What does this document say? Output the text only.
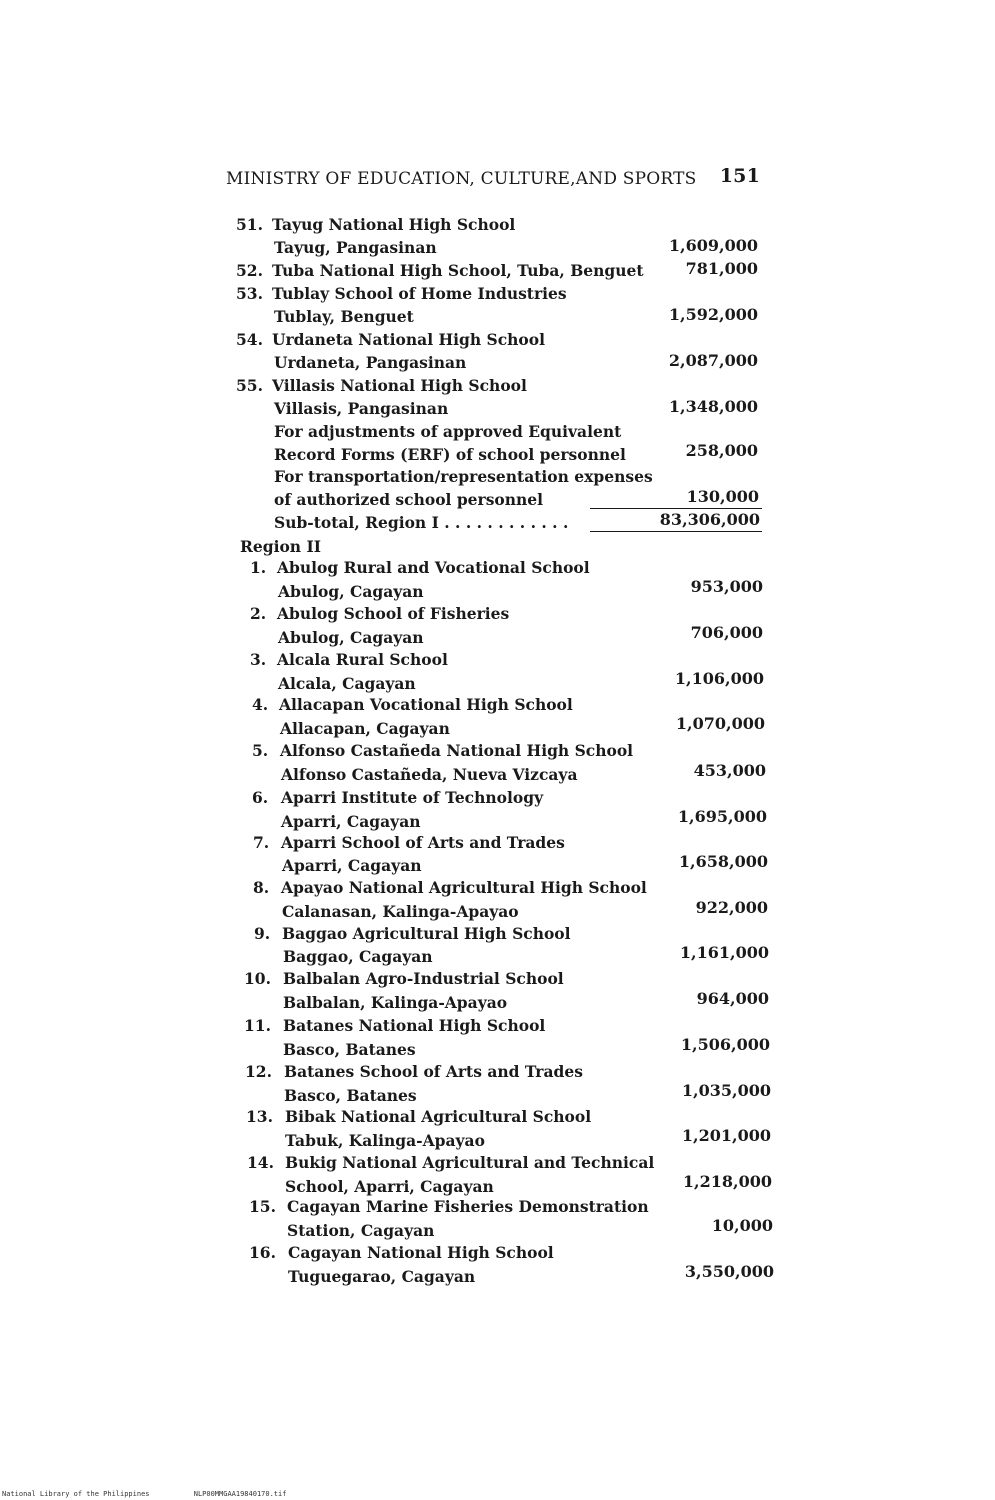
MINISTRY OF EDUCATION, CULTURE,AND SPORTS 151
51. Tayug National High School
Tayug, Pangasinan	1,609,000
52. Tuba National High School, Tuba, Benguet	781,000
53. Tublay School of Home Industries
Tublay, Benguet	1,592,000
54. Urdaneta National High School
Urdaneta, Pangasinan	2,087,000
55. Villasis National High School
Villasis, Pangasinan	1,348,000
For adjustments of approved Equivalent
Record Forms (ERF) of school personnel	258,000
For transportation/representation expenses
of authorized school personnel	130,000
Sub-total, Region I . . . . . . . . . . . .	83,306,000
Region II
1. Abulog Rural and Vocational School
Abulog, Cagayan	953,000
2. Abulog School of Fisheries
Abulog, Cagayan	706,000
3. Alcala Rural School
Alcala, Cagayan	1,106,000
4. Allacapan Vocational High School
Allacapan, Cagayan	1,070,000
5. Alfonso Castañeda National High School
Alfonso Castañeda, Nueva Vizcaya	453,000
6. Aparri Institute of Technology
Aparri, Cagayan	1,695,000
7. Aparri School of Arts and Trades
Aparri, Cagayan	1,658,000
8. Apayao National Agricultural High School
Calanasan, Kalinga-Apayao	922,000
9. Baggao Agricultural High School
Baggao, Cagayan	1,161,000
10. Balbalan Agro-Industrial School
Balbalan, Kalinga-Apayao	964,000
11. Batanes National High School
Basco, Batanes	1,506,000
12. Batanes School of Arts and Trades
Basco, Batanes	1,035,000
13. Bibak National Agricultural School
Tabuk, Kalinga-Apayao	1,201,000
14. Bukig National Agricultural and Technical
School, Aparri, Cagayan	1,218,000
15. Cagayan Marine Fisheries Demonstration
Station, Cagayan	10,000
16. Cagayan National High School
Tuguegarao, Cagayan	3,550,000
National Library of the Philippines	NLP00MMGAA19840170.tif
